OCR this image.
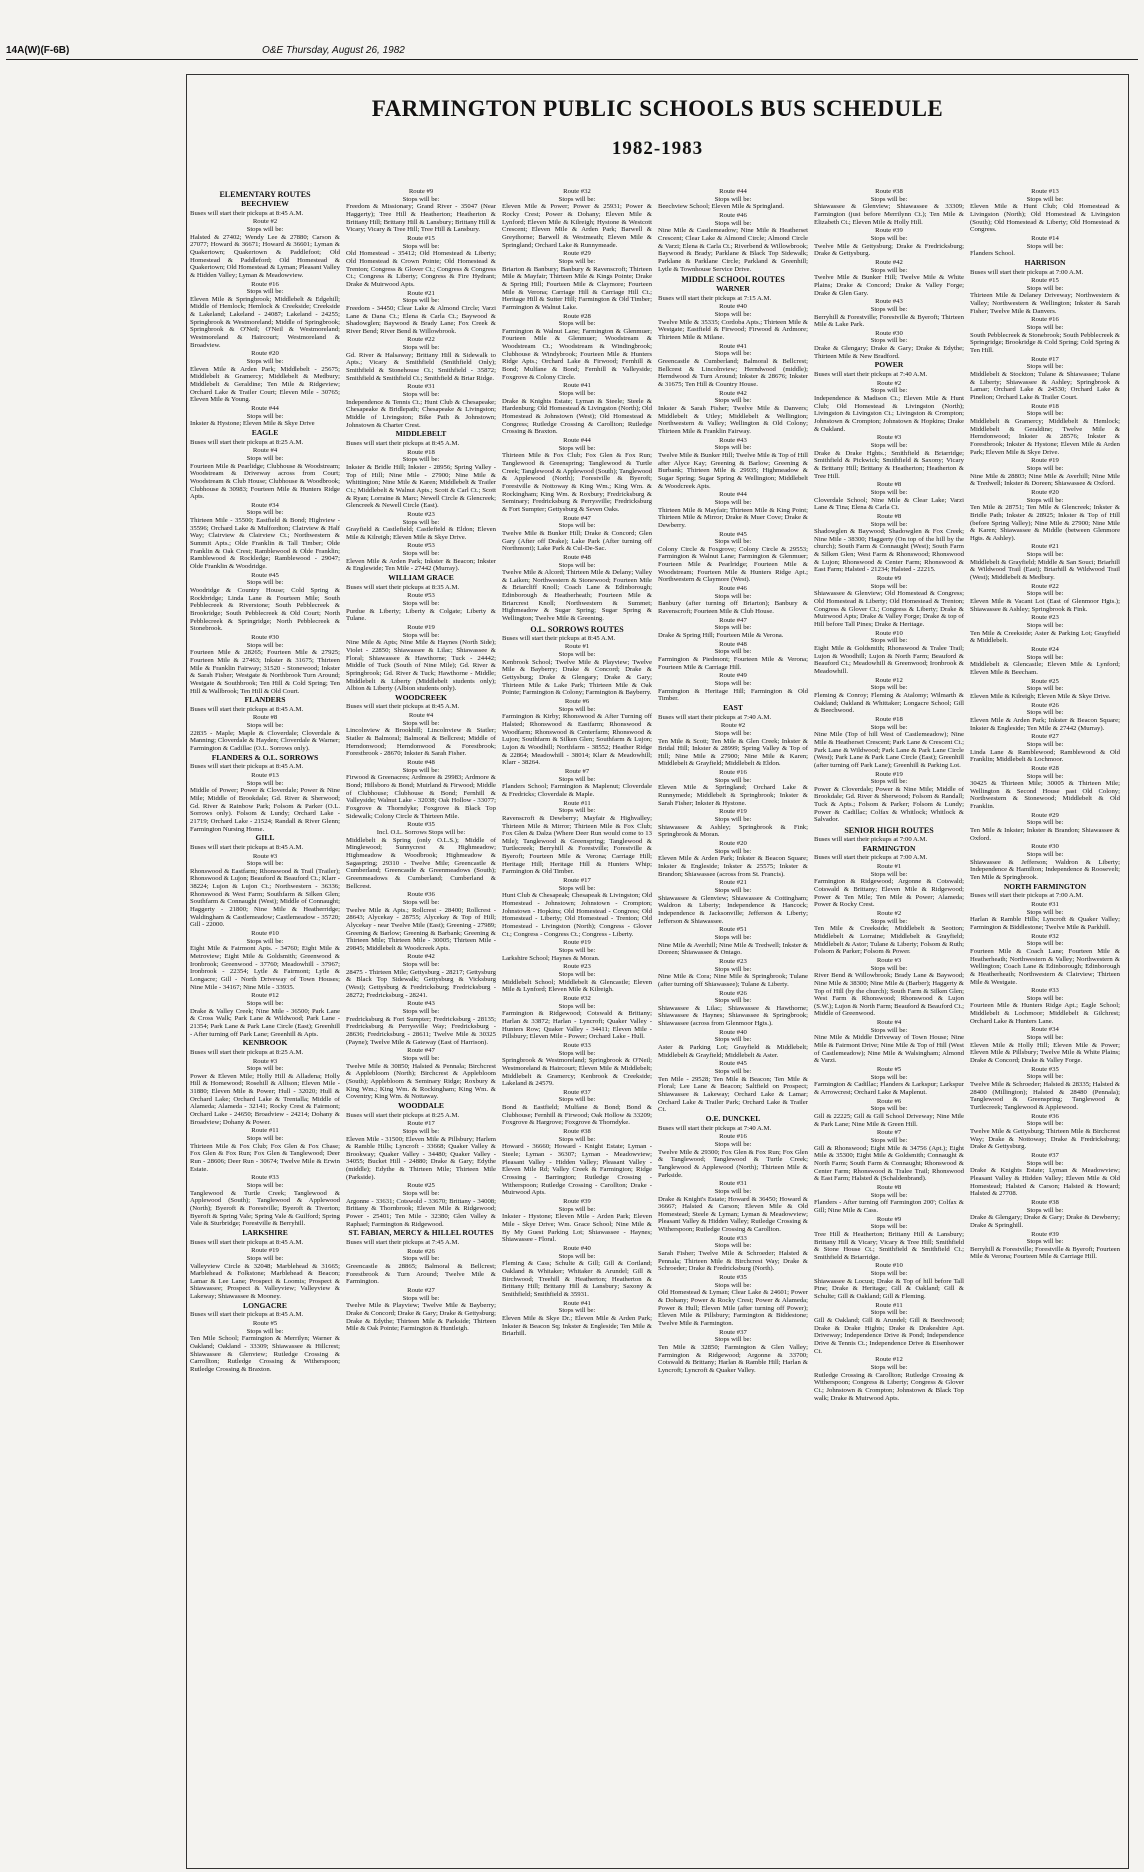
14A(W)(F-6B)	O&E Thursday, August 26, 1982
FARMINGTON PUBLIC SCHOOLS BUS SCHEDULE
1982-1983
ELEMENTARY ROUTES
BEECHVIEW
Buses will start their pickups at 8:45 A.M.
Route #2
Stops will be:
Halsted & 27402; Wendy Lee & 27880; Carson & 27077; Howard & 36671; Howard & 36601; Lyman & Quakertown; Quakertown & Paddlefoot; Old Homestead & Paddleford; Old Homestead & Quakertown; Old Homestead & Lyman; Pleasant Valley & Hidden Valley; Lyman & Meadowview.
Route #16
Stops will be:
Eleven Mile & Springbrook; Middlebelt & Edgehill; Middle of Hemlock; Hemlock & Creekside; Creekside & Lakeland; Lakeland - 24087; Lakeland - 24255; Springbrook & Westmoreland; Middle of Springbrook; Springbrook & O'Neil; O'Neil & Westmoreland; Westmoreland & Haircourt; Westmoreland & Broadview.
Route #20
Stops will be:
Eleven Mile & Arden Park; Middlebelt - 25675; Middlebelt & Gramercy; Middlebelt & Medbury; Middlebelt & Geraldine; Ten Mile & Ridgeview; Orchard Lake & Trailer Court; Eleven Mile - 30765; Eleven Mile & Young.
Route #44
Stops will be:
Inkster & Hystone; Eleven Mile & Skye Drive
EAGLE
Buses will start their pickups at 8:25 A.M.
Route #4
Stops will be:
Fourteen Mile & Pearlidge; Clubhouse & Woodstream; Woodstream & Driveway across from Court; Woodstream & Club House; Clubhouse & Woodbrook; Clubhouse & 30983; Fourteen Mile & Hunters Ridge Apts.
Route #34
Stops will be:
Thirteen Mile - 35500; Eastfield & Bond; Highview - 35596; Orchard Lake & Mulfordton; Clairview & Half Way; Clairview & Clairview Ct.; Northwestern & Summit Apts.; Olde Franklin & Tall Timber; Olde Franklin & Oak Crest; Ramblewood & Olde Franklin; Ramblewood & Rockledge; Ramblewood - 29047; Olde Franklin & Woodridge.
Route #45
Stops will be:
Woodridge & Country House; Cold Spring & Rockbridge; Linda Lane & Fourteen Mile; South Pebblecreek & Riverstone; South Pebblecreek & Brookridge; South Pebblecreek & Old Court; North Pebblecreek & Springridge; North Pebblecreek & Stonebrook.
Route #30
Stops will be:
Fourteen Mile & 28265; Fourteen Mile & 27925; Fourteen Mile & 27463; Inkster & 31675; Thirteen Mile & Franklin Fairway; 31520 - Stonewood; Inkster & Sarah Fisher; Westgate & Northbrook Turn Around; Westgate & Southbrook; Ten Hill & Cold Spring; Ten Hill & Wallbrook; Ten Hill & Old Court.
FLANDERS
Buses will start their pickups at 8:45 A.M.
Route #8
Stops will be:
22835 - Maple; Maple & Cloverdale; Cloverdale & Manning; Cloverdale & Hayden; Cloverdale & Warner; Farmington & Cadillac (O.L. Sorrows only).
FLANDERS & O.L. SORROWS
Buses will start their pickups at 8:45 A.M.
Route #13
Stops will be:
Middle of Power; Power & Cloverdale; Power & Nine Mile; Middle of Brookdale; Gd. River & Sherwood; Gd. River & Rainbow Park; Folsom & Parker (O.L. Sorrows only). Folsom & Lundy; Orchard Lake - 21719; Orchard Lake - 21524; Randall & River Glenn; Farmington Nursing Home.
GILL
Buses will start their pickups at 8:45 A.M.
Route #3
Stops will be:
Rhonswood & Eastfarm; Rhonswood & Trail (Trailer); Rhonswood & Lujon; Beauford & Beauford Ct.; Klarr - 38224; Lujon & Lujon Ct.; Northwestern - 36336; Rhonswood & West Farm; Southfarm & Silken Glen; Southfarm & Connaught (West); Middle of Connaught; Haggerty - 21800; Nine Mile & Heatherridge; Waldingham & Castlemeadow; Castlemeadow - 35720; Gill - 22000.
Route #10
Stops will be:
Eight Mile & Fairmont Apts. - 34760; Eight Mile & Metroview; Eight Mile & Goldsmith; Greenwood & Ironbrook; Greenwood - 37760; Meadowhill - 37967; Ironbrook - 22354; Lytle & Fairmont; Lytle & Longacre; Gill - North Driveway of Town Houses; Nine Mile - 34167; Nine Mile - 33935.
Route #12
Stops will be:
Drake & Valley Creek; Nine Mile - 36500; Park Lane & Cross Walk; Park Lane & Wildwood; Park Lane - 21354; Park Lane & Park Lane Circle (East); Greenhill - After turning off Park Lane; Greenhill & Apts.
KENBROOK
Buses will start their pickups at 8:25 A.M.
Route #3
Stops will be:
Power & Eleven Mile; Holly Hill & Alladena; Holly Hill & Homewood; Rosehill & Allison; Eleven Mile - 31880; Eleven Mile & Power; Hull - 32020; Hull & Orchard Lake; Orchard Lake & Trentalla; Middle of Alameda; Alameda - 32141; Rocky Crest & Fairmont; Orchard Lake - 24650; Broadview - 24214; Dohany & Broadview; Dohany & Power.
Route #11
Stops will be:
Thirteen Mile & Fox Club; Fox Glen & Fox Chase; Fox Glen & Fox Run; Fox Glen & Tanglewood; Deer Run - 28606; Deer Run - 30674; Twelve Mile & Erwin Estate.
Route #33
Stops will be:
Tanglewood & Turtle Creek; Tanglewood & Applewood (South); Tanglewood & Applewood (North); Byeroft & Forestville; Byeroft & Tiverton; Byeroft & Spring Vale; Spring Vale & Guilford; Spring Vale & Sturbridge; Forestville & Berryhill.
LARKSHIRE
Buses will start their pickups at 8:45 A.M.
Route #19
Stops will be:
Valleyview Circle & 32048; Marblehead & 31665; Marblehead & Folkstone; Marblehead & Beacon; Lamar & Lee Lane; Prospect & Loomis; Prospect & Shiawassee; Prospect & Valleyview; Valleyview & Lakeway; Shiawassee & Mooney.
LONGACRE
Buses will start their pickups at 8:45 A.M.
Route #5
Stops will be:
Ten Mile School; Farmington & Merrilyn; Warner & Oakland; Oakland - 33309; Shiawassee & Hillcrest; Shiawassee & Glenview; Rutledge Crossing & Carrollton; Rutledge Crossing & Witherspoon; Rutledge Crossing & Braxton.
Route #9
Stops will be:
Freedom & Missionary; Grand River - 35047 (Near Haggerty); Tree Hill & Heatherton; Heatherton & Brittany Hill; Brittany Hill & Lansbury; Brittany Hill & Vicary; Vicary & Tree Hill; Tree Hill & Lansbury.
Route #15
Stops will be:
Old Homestead - 35412; Old Homestead & Liberty; Old Homestead & Crown Pointe; Old Homestead & Trenton; Congress & Glover Ct.; Congress & Congress Ct.; Congress & Liberty; Congress & Fire Hydrant; Drake & Muirwood Apts.
Route #21
Stops will be:
Freedom - 34450; Clear Lake & Almond Circle; Varzi Lane & Dana Ct.; Elena & Carla Ct.; Baywood & Shadowglen; Baywood & Brady Lane; Fox Creek & River Bend; River Bend & Willowbrook.
Route #22
Stops will be:
Gd. River & Halsaway; Brittany Hill & Sidewalk to Apts.; Vicary & Smithfield (Smithfield Only); Smithfield & Stonehouse Ct.; Smithfield - 35872; Smithfield & Smithfield Ct.; Smithfield & Briar Ridge.
Route #31
Stops will be:
Independence & Tennis Ct.; Hunt Club & Chesapeake; Chesapeake & Bridlepath; Chesapeake & Livingston; Middle of Livingston; Bike Path & Johnstown; Johnstown & Charter Crest.
MIDDLEBELT
Buses will start their pickups at 8:45 A.M.
Route #18
Stops will be:
Inkster & Bridle Hill; Inkster - 28956; Spring Valley - Top of Hill; Nine Mile - 27900; Nine Mile & Whittington; Nine Mile & Karen; Middlebelt & Trailer Ct.; Middlebelt & Walnut Apts.; Scott & Carl Ct.; Scott & Ryan; Lorraine & Marc; Newell Circle & Glencreek; Glencreek & Newell Circle (East).
Route #23
Stops will be:
Grayfield & Castlefield; Castlefield & Eldon; Eleven Mile & Kilreigh; Eleven Mile & Skye Drive.
Route #53
Stops will be:
Eleven Mile & Arden Park; Inkster & Beacon; Inkster & Englewide; Ten Mile - 27442 (Murray).
WILLIAM GRACE
Buses will start their pickups at 8:35 A.M.
Route #53
Stops will be:
Purdue & Liberty; Liberty & Colgate; Liberty & Tulane.
Route #19
Stops will be:
Nine Mile & Apts; Nine Mile & Haynes (North Side); Violet - 22850; Shiawassee & Lilac; Shiawassee & Floral; Shiawassee & Hawthorne; Tuck - 24442; Middle of Tuck (South of Nine Mile); Gd. River & Springbrook; Gd. River & Tuck; Hawthorne - Middle; Middlebelt & Liberty (Middlebelt students only); Albion & Liberty (Albion students only).
WOODCREEK
Buses will start their pickups at 8:45 A.M.
Route #4
Stops will be:
Lincolnview & Brookhill; Lincolnview & Statler; Statler & Balmoral; Balmoral & Bellcrest; Middle of Herndonwood; Herndonwood & Forestbrook; Forestbrook - 28670; Inkster & Sarah Fisher.
Route #48
Stops will be:
Firwood & Greenacres; Ardmore & 29983; Ardmore & Bond; Hillsboro & Bond; Muirland & Firwood; Middle of Clubhouse; Clubhouse & Bond; Fernhill & Valleyside; Walnut Lake - 32038; Oak Hollow - 33077; Foxgrove & Thorndyke; Foxgrove & Black Top Sidewalk; Colony Circle & Thirteen Mile.
Route #35
Incl. O.L. Sorrows Stops will be:
Middlebelt & Spring (only O.L.S.); Middle of Minglewood; Sunnycrest & Highmeadow; Highmeadow & Woodbrook; Highmeadow & Sagaspring; 29310 - Twelve Mile; Greencastle & Cumberland; Greencastle & Greenmeadows (South); Greenmeadows & Cumberland; Cumberland & Bellcrest.
Route #36
Stops will be:
Twelve Mile & Apts.; Rollcrest - 28400; Rollcrest - 28643; Alycekay - 28755; Alycekay & Top of Hill; Alycekay - near Twelve Mile (East); Greening - 27989; Greening & Barlow; Greening & Barbank; Greening & Thirteen Mile; Thirteen Mile - 30005; Thirteen Mile - 29845; Middlebelt & Woodcreek Apts.
Route #42
Stops will be:
28475 - Thirteen Mile; Gettysburg - 28217; Gettysburg & Black Top Sidewalk; Gettysburg & Vicksburg (West); Gettysburg & Fredricksburg; Fredricksburg - 28272; Fredricksburg - 28241.
Route #43
Stops will be:
Fredricksburg & Fort Sumpter; Fredricksburg - 28135; Fredricksburg & Perrysville Way; Fredricksburg - 28636; Fredricksburg - 28611; Twelve Mile & 30325 (Payne); Twelve Mile & Gateway (East of Harrison).
Route #47
Stops will be:
Twelve Mile & 30850; Halsted & Pennala; Birchcrest & Applebloom (North); Birchcrest & Applebloom (South); Applebloom & Seminary Ridge; Roxbury & King Wm.; King Wm. & Rockingham; King Wm. & Coventry; King Wm. & Nottaway.
WOODDALE
Buses will start their pickups at 8:25 A.M.
Route #17
Stops will be:
Eleven Mile - 31500; Eleven Mile & Pillsbury; Harlem & Ramble Hills; Lyncroft - 33668; Quaker Valley & Brookway; Quaker Valley - 34480; Quaker Valley - 34055; Bucket Hill - 24880; Drake & Gary; Edythe (middle); Edythe & Thirteen Mile; Thirteen Mile (Parkside).
Route #25
Stops will be:
Argonne - 33631; Cotswold - 33670; Brittany - 34008; Brittany & Thornbrook; Eleven Mile & Ridgewood; Power - 25401; Ten Mile - 32380; Glen Valley & Raphael; Farmington & Ridgewood.
ST. FABIAN, MERCY & HILLEL ROUTES
Buses will start their pickups at 7:45 A.M.
Route #26
Stops will be:
Greencastle & 28865; Balmoral & Bellcrest; Forestbrook & Turn Around; Twelve Mile & Farmington.
Route #27
Stops will be:
Twelve Mile & Playview; Twelve Mile & Bayberry; Drake & Concord; Drake & Gary; Drake & Gettysburg; Drake & Edythe; Thirteen Mile & Parkside; Thirteen Mile & Oak Pointe; Farmington & Huntleigh.
Route #32
Stops will be:
Eleven Mile & Power; Power & 25931; Power & Rocky Crest; Power & Dohany; Eleven Mile & Lynford; Eleven Mile & Kilreigh; Hystone & Westcott Crescent; Eleven Mile & Arden Park; Barwell & Greythorne; Barwell & Westmeath; Eleven Mile & Springland; Orchard Lake & Runnymeade.
Route #29
Stops will be:
Briarton & Banbury; Banbury & Ravenscroft; Thirteen Mile & Mayfair; Thirteen Mile & Kings Pointe; Drake & Spring Hill; Fourteen Mile & Claymore; Fourteen Mile & Verona; Carriage Hill & Carriage Hill Ct.; Heritage Hill & Sutter Hill; Farmington & Old Timber; Farmington & Walnut Lake.
Route #28
Stops will be:
Farmington & Walnut Lane; Farmington & Glenmuer; Fourteen Mile & Glenmuer; Woodstream & Woodstream Ct.; Woodstream & Windingbrook; Clubhouse & Windybrook; Fourteen Mile & Hunters Ridge Apts.; Orchard Lake & Firwood; Fernhill & Bond; Mulfane & Bond; Fernhill & Valleyside; Foxgrove & Colony Circle.
Route #41
Stops will be:
Drake & Knights Estate; Lyman & Steele; Steele & Hardenburg; Old Homestead & Livingston (North); Old Homestead & Johnstown (West); Old Homestead & Congress; Rutledge Crossing & Carollton; Rutledge Crossing & Braxton.
Route #44
Stops will be:
Thirteen Mile & Fox Club; Fox Glen & Fox Run; Tanglewood & Greenspring; Tanglewood & Turtle Creek; Tanglewood & Applewood (South); Tanglewood & Applewood (North); Forestville & Byeroft; Forestville & Nottoway & King Wm.; King Wm. & Rockingham; King Wm. & Roxbury; Fredricksburg & Seminary; Fredricksburg & Perrysville; Fredricksburg & Fort Sumpter; Gettysburg & Seven Oaks.
Route #47
Stops will be:
Twelve Mile & Bunker Hill; Drake & Concord; Glen Gary (After off Drake); Lake Park (After turning off Northmont); Lake Park & Cul-De-Sac.
Route #48
Stops will be:
Twelve Mile & Alcord; Thirteen Mile & Delany; Valley & Laiken; Northwestern & Stonewood; Fourteen Mile & Briarcliff Knoll; Coach Lane & Edinborough; Edinborough & Heatherheath; Fourteen Mile & Briarcrest Knoll; Northwestern & Summet; Highmeadow & Sugar Spring; Sugar Spring & Wellington; Twelve Mile & Greening.
O.L. SORROWS ROUTES
Buses will start their pickups at 8:45 A.M.
Route #1
Stops will be:
Kenbrook School; Twelve Mile & Playview; Twelve Mile & Bayberry; Drake & Concord; Drake & Gettysburg; Drake & Glengary; Drake & Gary; Thirteen Mile & Lake Park; Thirteen Mile & Oak Pointe; Farmington & Colony; Farmington & Bayberry.
Route #6
Stops will be:
Farmington & Kirby; Rhonswood & After Turning off Halsted; Rhonswood & Eastfarm; Rhonswood & Woodfarm; Rhonswood & Centerfarm; Rhonswood & Lujon; Southfarm & Silken Glen; Southfarm & Lujon; Lujon & Woodhill; Northfarm - 38552; Heather Ridge & 22864; Meadowhill - 38014; Klarr & Meadowhill; Klarr - 38264.
Route #7
Stops will be:
Flanders School; Farmington & Maplenut; Cloverdale & Fredricks; Cloverdale & Maple.
Route #11
Stops will be:
Ravenscroft & Dewberry; Mayfair & Highvalley; Thirteen Mile & Mirror; Thirteen Mile & Fox Club; Fox Glen & Dalza (Where Deer Run would come to 13 Mile); Tanglewood & Greenspring; Tanglewood & Turtlecreek; Berryhill & Forestville; Forestville & Byeroft; Fourteen Mile & Verona; Carriage Hill; Heritage Hill; Heritage Hill & Hunters Whip; Farmington & Old Timber.
Route #17
Stops will be:
Hunt Club & Chesapeak; Chesapeak & Livingston; Old Homestead - Johnstown; Johnstown - Crompton; Johnstown - Hopkins; Old Homestead - Congress; Old Homestead - Liberty; Old Homestead - Trenton; Old Homestead - Livingston (North); Congress - Glover Ct.; Congress - Congress Ct.; Congress - Liberty.
Route #19
Stops will be:
Larkshire School; Haynes & Moran.
Route #23
Stops will be:
Middlebelt School; Middlebelt & Glencastle; Eleven Mile & Lynford; Eleven Mile & Kilreigh.
Route #32
Stops will be:
Farmington & Ridgewood; Cotswald & Brittany; Harlan & 33872; Harlan - Lyncroft; Quaker Valley - Hunters Row; Quaker Valley - 34411; Eleven Mile - Pillsbury; Eleven Mile - Power; Orchard Lake - Hull.
Route #33
Stops will be:
Springbrook & Westmoreland; Springbrook & O'Neil; Westmoreland & Haircourt; Eleven Mile & Middlebelt; Middlebelt & Gramercy; Kenbrook & Creekside; Lakeland & 24579.
Route #37
Stops will be:
Bond & Eastfield; Mulfane & Bond; Bond & Clubhouse; Fernhill & Firwood; Oak Hollow & 33209; Foxgrove & Hargrove; Foxgrove & Thorndyke.
Route #38
Stops will be:
Howard - 36660; Howard - Knight Estate; Lyman - Steele; Lyman - 36307; Lyman - Meadowview; Pleasant Valley - Hidden Valley; Pleasant Valley - Eleven Mile Rd; Valley Creek & Farmington; Ridge Crossing - Barrington; Rutledge Crossing - Witherspoon; Rutledge Crossing - Carollton; Drake - Muirwood Apts.
Route #39
Stops will be:
Inkster - Hystone; Eleven Mile - Arden Park; Eleven Mile - Skye Drive; Wm. Grace School; Nine Mile & By My Guest Parking Lot; Shiawassee - Haynes; Shiawassee - Floral.
Route #40
Stops will be:
Fleming & Cass; Schulte & Gill; Gill & Cortland; Oakland & Whitaker; Whitaker & Arundel; Gill & Birchwood; Treehill & Heatherton; Heatherton & Brittany Hill; Brittany Hill & Lansbury; Saxony & Smithfield; Smithfield & 35931.
Route #41
Stops will be:
Eleven Mile & Skye Dr.; Eleven Mile & Arden Park; Inkster & Beacon Sq; Inkster & Engleside; Ten Mile & Briarhill.
Route #44
Stops will be:
Beechview School; Eleven Mile & Springland.
Route #46
Stops will be:
Nine Mile & Castlemeadow; Nine Mile & Heatherset Crescent; Clear Lake & Almond Circle; Almond Circle & Varzi; Elena & Carla Ct.; Riverbend & Willowbrook; Baywood & Brady; Parklane & Black Top Sidewalk; Parklane & Parklane Circle; Parkland & Greenhill; Lytle & Townhouse Service Drive.
MIDDLE SCHOOL ROUTES
WARNER
Buses will start their pickups at 7:15 A.M.
Route #40
Stops will be:
Twelve Mile & 35335; Cordoba Apts.; Thirteen Mile & Westgate; Eastfield & Firwood; Firwood & Ardmore; Thirteen Mile & Milane.
Route #41
Stops will be:
Greencastle & Cumberland; Balmoral & Bellcrest; Bellcrest & Lincolnview; Herndwood (middle); Herndwood & Turn Around; Inkster & 28676; Inkster & 31675; Ten Hill & Country House.
Route #42
Stops will be:
Inkster & Sarah Fisher; Twelve Mile & Danvers; Middlebelt & Utley; Middlebelt & Wellington; Northwestern & Valley; Wellington & Old Colony; Thirteen Mile & Franklin Fairway.
Route #43
Stops will be:
Twelve Mile & Bunker Hill; Twelve Mile & Top of Hill after Alyce Kay; Greening & Barlow; Greening & Burbank; Thirteen Mile & 29935; Highmeadow & Sugar Spring; Sugar Spring & Wellington; Middlebelt & Woodcreek Apts.
Route #44
Stops will be:
Thirteen Mile & Mayfair; Thirteen Mile & King Point; Thirteen Mile & Mirror; Drake & Muer Cove; Drake & Dewberry.
Route #45
Stops will be:
Colony Circle & Foxgrove; Colony Circle & 29553; Farmington & Walnut Lane; Farmington & Glenmuer; Fourteen Mile & Pearlridge; Fourteen Mile & Woodstream; Fourteen Mile & Hunters Ridge Apt.; Northwestern & Claymore (West).
Route #46
Stops will be:
Banbury (after turning off Briarton); Banbury & Ravenscroft; Fourteen Mile & Club House.
Route #47
Stops will be:
Drake & Spring Hill; Fourteen Mile & Verona.
Route #48
Stops will be:
Farmington & Piedmont; Fourteen Mile & Verona; Fourteen Mile & Carriage Hill.
Route #49
Stops will be:
Farmington & Heritage Hill; Farmington & Old Timber.
EAST
Buses will start their pickups at 7:40 A.M.
Route #2
Stops will be:
Ten Mile & Scott; Ten Mile & Glen Creek; Inkster & Bridal Hill; Inkster & 28999; Spring Valley & Top of Hill; Nine Mile & 27900; Nine Mile & Karen; Middlebelt & Grayfield; Middlebelt & Eldon.
Route #16
Stops will be:
Eleven Mile & Springland; Orchard Lake & Runnymede; Middlebelt & Springbrook; Inkster & Sarah Fisher; Inkster & Hystone.
Route #19
Stops will be:
Shiawassee & Ashley; Springbrook & Fink; Springbrook & Moran.
Route #20
Stops will be:
Eleven Mile & Arden Park; Inkster & Beacon Square; Inkster & Engleside; Inkster & 25575; Inkster & Brandon; Shiawassee (across from St. Francis).
Route #21
Stops will be:
Shiawassee & Glenview; Shiawassee & Cottingham; Waldron & Liberty; Independence & Hancock; Independence & Jacksonville; Jefferson & Liberty; Jefferson & Shiawassee.
Route #51
Stops will be:
Nine Mile & Averhill; Nine Mile & Tredwell; Inkster & Doreen; Shiawassee & Ontago.
Route #23
Stops will be:
Nine Mile & Cora; Nine Mile & Springbrook; Tulane (after turning off Shiawassee); Tulane & Liberty.
Route #26
Stops will be:
Shiawassee & Lilac; Shiawassee & Hawthorne; Shiawassee & Haynes; Shiawassee & Springbrook; Shiawassee (across from Glenmoor Hgts.).
Route #40
Stops will be:
Aster & Parking Lot; Grayfield & Middlebelt; Middlebelt & Grayfield; Middlebelt & Aster.
Route #45
Stops will be:
Ten Mile - 29528; Ten Mile & Beacon; Ten Mile & Floral; Lee Lane & Beacon; Saltfield on Prospect; Shiawassee & Lakeway; Orchard Lake & Lamar; Orchard Lake & Trailer Park; Orchard Lake & Trailer Ct.
O.E. DUNCKEL
Buses will start their pickups at 7:40 A.M.
Route #16
Stops will be:
Twelve Mile & 29300; Fox Glen & Fox Run; Fox Glen & Tanglewood; Tanglewood & Turtle Creek; Tanglewood & Applewood (North); Thirteen Mile & Parkside.
Route #31
Stops will be:
Drake & Knight's Estate; Howard & 36450; Howard & 36667; Halsted & Carson; Eleven Mile & Old Homestead; Steele & Lyman; Lyman & Meadowview; Pleasant Valley & Hidden Valley; Rutledge Crossing & Witherspoon; Rutledge Crossing & Carollton.
Route #33
Stops will be:
Sarah Fisher; Twelve Mile & Schroeder; Halsted & Pennala; Thirteen Mile & Birchcrest Way; Drake & Schroeder; Drake & Fredricksburg (North).
Route #35
Stops will be:
Old Homestead & Lyman; Clear Lake & 24601; Power & Dohany; Power & Rocky Crest; Power & Alameda; Power & Hull; Eleven Mile (after turning off Power); Eleven Mile & Pillsbury; Farmington & Biddestone; Twelve Mile & Farmington.
Route #37
Stops will be:
Ten Mile & 32850; Farmington & Glen Valley; Farmington & Ridgewood; Argonne & 33700; Cotswald & Brittany; Harlan & Ramble Hill; Harlan & Lyncroft; Lyncroft & Quaker Valley.
Route #38
Stops will be:
Shiawassee & Glenview; Shiawassee & 33309; Farmington (just before Merrilynn Ct.); Ten Mile & Elizabeth Ct.; Eleven Mile & Holly Hill.
Route #39
Stops will be:
Twelve Mile & Gettysburg; Drake & Fredricksburg; Drake & Gettysburg.
Route #42
Stops will be:
Twelve Mile & Bunker Hill; Twelve Mile & White Plains; Drake & Concord; Drake & Valley Forge; Drake & Glen Gary.
Route #43
Stops will be:
Berryhill & Forestville; Forestville & Byeroft; Thirteen Mile & Lake Park.
Route #30
Stops will be:
Drake & Glengary; Drake & Gary; Drake & Edythe; Thirteen Mile & New Bradford.
POWER
Buses will start their pickups at 7:40 A.M.
Route #2
Stops will be:
Independence & Madison Ct.; Eleven Mile & Hunt Club; Old Homestead & Livingston (North); Livingston & Livingston Ct.; Livingston & Crompton; Johnstown & Crompton; Johnstown & Hopkins; Drake & Oakland.
Route #3
Stops will be:
Drake & Drake Hghts.; Smithfield & Briarridge; Smithfield & Pickwick; Smithfield & Saxony; Vicary & Brittany Hill; Brittany & Heatherton; Heatherton & Tree Hill.
Route #8
Stops will be:
Cloverdale School; Nine Mile & Clear Lake; Varzi Lane & Tina; Elena & Carla Ct.
Route #8
Stops will be:
Shadowglen & Baywood; Shadowglen & Fox Creek; Nine Mile - 38300; Haggerty (On top of the hill by the church); South Farm & Connaught (West); South Farm & Silken Glen; West Farm & Rhonswood; Rhonswood & Lujon; Rhonswood & Center Farm; Rhonswood & East Farm; Halsted - 21234; Halsted - 22215.
Route #9
Stops will be:
Shiawassee & Glenview; Old Homestead & Congress; Old Homestead & Liberty; Old Homestead & Trenton; Congress & Glover Ct.; Congress & Liberty; Drake & Muirwood Apts; Drake & Valley Forge; Drake & top of Hill before Tall Pines; Drake & Heritage.
Route #10
Stops will be:
Eight Mile & Goldsmith; Rhonswood & Tralee Trail; Lujon & Woodhill; Lujon & North Farm; Beauford & Beauford Ct.; Meadowhill & Greenwood; Ironbrook & Meadowhill.
Route #12
Stops will be:
Fleming & Conroy; Fleming & Atalomy; Wilmarth & Oakland; Oakland & Whittaker; Longacre School; Gill & Beechwood.
Route #18
Stops will be:
Nine Mile (Top of hill West of Castlemeadow); Nine Mile & Heatherset Crescent; Park Lane & Crescent Ct.; Park Lane & Wildwood; Park Lane & Park Lane Circle (West); Park Lane & Park Lane Circle (East); Greenhill (after turning off Park Lane); Greenhill & Parking Lot.
Route #19
Stops will be:
Power & Cloverdale; Power & Nine Mile; Middle of Brookdale; Gd. River & Sherwood; Folsom & Randall; Tuck & Apts.; Folsom & Parker; Folsom & Lundy; Power & Cadillac; Colfax & Whitlock; Whitlock & Salvador.
SENIOR HIGH ROUTES
Buses will start their pickups at 7:00 A.M.
FARMINGTON
Buses will start their pickups at 7:00 A.M.
Route #1
Stops will be:
Farmington & Ridgewood; Argonne & Cotswald; Cotswald & Brittany; Eleven Mile & Ridgewood; Power & Ten Mile; Ten Mile & Power; Alameda; Power & Rocky Crest.
Route #2
Stops will be:
Ten Mile & Creekside; Middlebelt & Seotton; Middlebelt & Lorraine; Middlebelt & Grayfield; Middlebelt & Astor; Tulane & Liberty; Folsom & Ruth; Folsom & Parker; Folsom & Power.
Route #3
Stops will be:
River Bend & Willowbrook; Brady Lane & Baywood; Nine Mile & 38300; Nine Mile & (Barber); Haggerty & Top of Hill (by the church); South Farm & Silken Glen; West Farm & Rhonswood; Rhonswood & Lujon (S.W.); Lujon & North Farm; Beauford & Beauford Ct.; Middle of Greenwood.
Route #4
Stops will be:
Nine Mile & Middle Driveway of Town House; Nine Mile & Fairmont Drive; Nine Mile & Top of Hill (West of Castlemeadow); Nine Mile & Walsingham; Almond & Varzi.
Route #5
Stops will be:
Farmington & Cadillac; Flanders & Larkspur; Larkspur & Arrowcrest; Orchard Lake & Maplenut.
Route #6
Stops will be:
Gill & 22225; Gill & Gill School Driveway; Nine Mile & Park Lane; Nine Mile & Green Hill.
Route #7
Stops will be:
Gill & Rhonswood; Eight Mile & 34756 (Apt.); Eight Mile & 35300; Eight Mile & Goldsmith; Connaught & North Farm; South Farm & Connaught; Rhonswood & Center Farm; Rhonswood & Tralee Trail; Rhonswood & East Farm; Halsted & (Schaldenbrand).
Route #8
Stops will be:
Flanders - After turning off Farmington 200'; Colfax & Gill; Nine Mile & Cass.
Route #9
Stops will be:
Tree Hill & Heatherton; Brittany Hill & Lansbury; Brittany Hill & Vicary; Vicary & Tree Hill; Smithfield & Stone House Ct.; Smithfield & Smithfield Ct.; Smithfield & Briarridge.
Route #10
Stops will be:
Shiawassee & Locust; Drake & Top of hill before Tall Pine; Drake & Heritage; Gill & Oakland; Gill & Schulte; Gill & Oakland; Gill & Fleming.
Route #11
Stops will be:
Gill & Oakland; Gill & Arundel; Gill & Beechwood; Drake & Drake Hights; Drake & Drakeshire Apt. Driveway; Independence Drive & Pond; Independence Drive & Tennis Ct.; Independence Drive & Eisenhower Ct.
Route #12
Stops will be:
Rutledge Crossing & Carollton; Rutledge Crossing & Witherspoon; Congress & Liberty; Congress & Glover Ct.; Johnstown & Crompton; Johnstown & Black Top walk; Drake & Muirwood Apts.
Route #13
Stops will be:
Eleven Mile & Hunt Club; Old Homestead & Livingston (North); Old Homestead & Livingston (South); Old Homestead & Liberty; Old Homestead & Congress.
Route #14
Stops will be:
Flanders School.
HARRISON
Buses will start their pickups at 7:00 A.M.
Route #15
Stops will be:
Thirteen Mile & Delaney Driveway; Northwestern & Valley; Northwestern & Wellington; Inkster & Sarah Fisher; Twelve Mile & Danvers.
Route #16
Stops will be:
South Pebblecreek & Stonebrook; South Pebblecreek & Springridge; Brookridge & Cold Spring; Cold Spring & Ten Hill.
Route #17
Stops will be:
Middlebelt & Stockton; Tulane & Shiawassee; Tulane & Liberty; Shiawassee & Ashley; Springbrook & Lamar; Orchard Lake & 24530; Orchard Lake & Pinelion; Orchard Lake & Trailer Court.
Route #18
Stops will be:
Middlebelt & Gramercy; Middlebelt & Hemlock; Middlebelt & Geraldine; Twelve Mile & Herndonwood; Inkster & 28576; Inkster & Forestbrook; Inkster & Hystone; Eleven Mile & Arden Park; Eleven Mile & Skye Drive.
Route #19
Stops will be:
Nine Mile & 28803; Nine Mile & Averhill; Nine Mile & Tredwell; Inkster & Doreen; Shiawassee & Oxford.
Route #20
Stops will be:
Ten Mile & 28751; Ten Mile & Glencreek; Inkster & Bridle Path; Inkster & 28925; Inkster & Top of Hill (before Spring Valley); Nine Mile & 27900; Nine Mile & Karen; Shiawassee & Middle (between Glenmore Hgts. & Ashley).
Route #21
Stops will be:
Middlebelt & Grayfield; Middle & San Souci; Briarhill & Wildwood Trail (East); Briarhill & Wildwood Trail (West); Middlebelt & Medbury.
Route #22
Stops will be:
Eleven Mile & Vacant Lot (East of Glenmoor Hgts.); Shiawassee & Ashley; Springbrook & Fink.
Route #23
Stops will be:
Ten Mile & Creekside; Aster & Parking Lot; Grayfield & Middlebelt.
Route #24
Stops will be:
Middlebelt & Glencastle; Eleven Mile & Lynford; Eleven Mile & Beecham.
Route #25
Stops will be:
Eleven Mile & Kilreigh; Eleven Mile & Skye Drive.
Route #26
Stops will be:
Eleven Mile & Arden Park; Inkster & Beacon Square; Inkster & Engleside; Ten Mile & 27442 (Murray).
Route #27
Stops will be:
Linda Lane & Ramblewood; Ramblewood & Old Franklin; Middlebelt & Lochmoor.
Route #28
Stops will be:
30425 & Thirteen Mile; 30005 & Thirteen Mile; Wellington & Second House past Old Colony; Northwestern & Stonewood; Middlebelt & Old Franklin.
Route #29
Stops will be:
Ten Mile & Inkster; Inkster & Brandon; Shiawassee & Oxford.
Route #30
Stops will be:
Shiawassee & Jefferson; Waldron & Liberty; Independence & Hamilton; Independence & Roosevelt; Ten Mile & Springbrook.
NORTH FARMINGTON
Buses will start their pickups at 7:00 A.M.
Route #31
Stops will be:
Harlan & Ramble Hills; Lyncroft & Quaker Valley; Farmington & Biddlestone; Twelve Mile & Parkhill.
Route #32
Stops will be:
Fourteen Mile & Coach Lane; Fourteen Mile & Heatherheath; Northwestern & Valley; Northwestern & Wellington; Coach Lane & Edinborough; Edinborough & Heatherheath; Northwestern & Clairview; Thirteen Mile & Westgate.
Route #33
Stops will be:
Fourteen Mile & Hunters Ridge Apt.; Eagle School; Middlebelt & Lochmoor; Middlebelt & Gilchrest; Orchard Lake & Hunters Lane.
Route #34
Stops will be:
Eleven Mile & Holly Hill; Eleven Mile & Power; Eleven Mile & Pillsbury; Twelve Mile & White Plains; Drake & Concord; Drake & Valley Forge.
Route #35
Stops will be:
Twelve Mile & Schroeder; Halsted & 28335; Halsted & 28400 (Millington); Halsted & 28480 (Pennala); Tanglewood & Greenspring; Tanglewood & Turtlecreek; Tanglewood & Applewood.
Route #36
Stops will be:
Twelve Mile & Gettysburg; Thirteen Mile & Birchcrest Way; Drake & Nottoway; Drake & Fredricksburg; Drake & Gettysburg.
Route #37
Stops will be:
Drake & Knights Estate; Lyman & Meadowview; Pleasant Valley & Hidden Valley; Eleven Mile & Old Homestead; Halsted & Carson; Halsted & Howard; Halsted & 27708.
Route #38
Stops will be:
Drake & Glengary; Drake & Gary; Drake & Dewberry; Drake & Springhill.
Route #39
Stops will be:
Berryhill & Forestville; Forestville & Byeroft; Fourteen Mile & Verona; Fourteen Mile & Carriage Hill.
